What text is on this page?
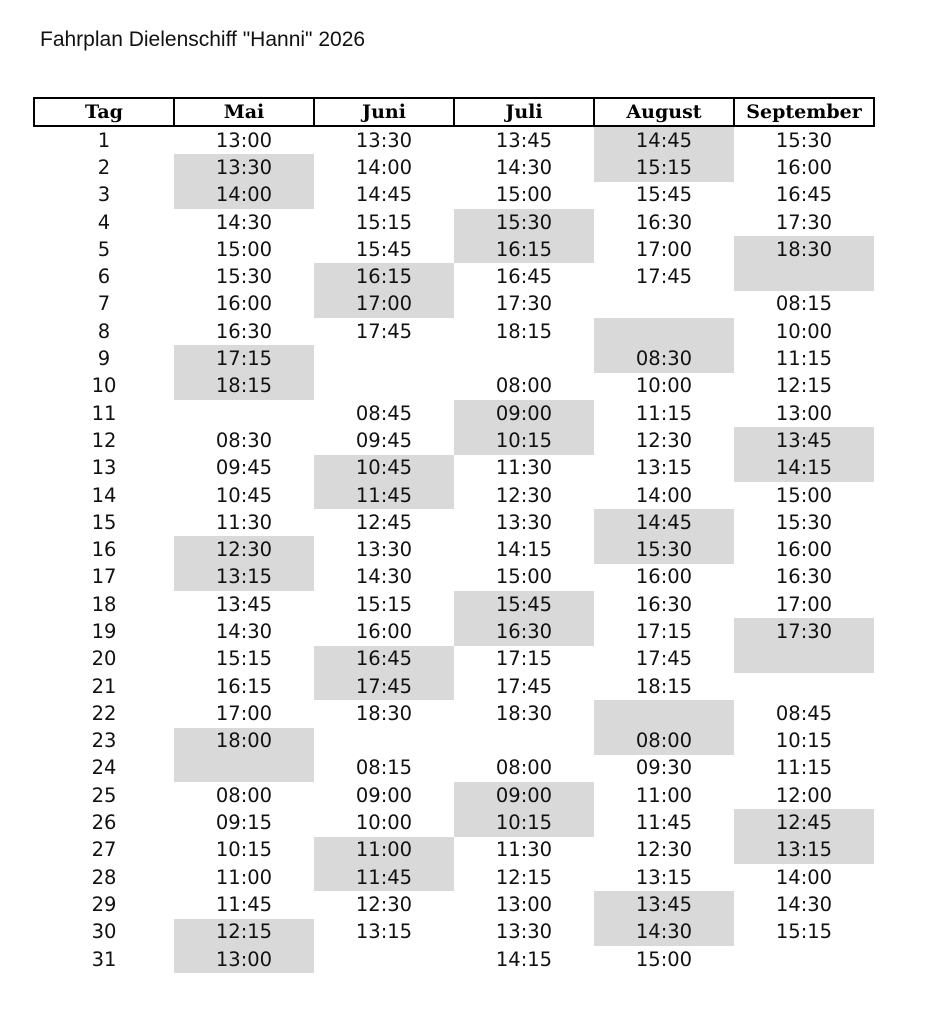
Fahrplan Dielenschiff "Hanni" 2026
Tag	Mai	Juni	Juli	August	September
1	13:00	13:30	13:45	14:45	15:30
2	13:30	14:00	14:30	15:15	16:00
3	14:00	14:45	15:00	15:45	16:45
4	14:30	15:15	15:30	16:30	17:30
5	15:00	15:45	16:15	17:00	18:30
6	15:30	16:15	16:45	17:45	
7	16:00	17:00	17:30		08:15
8	16:30	17:45	18:15		10:00
9	17:15			08:30	11:15
10	18:15		08:00	10:00	12:15
11		08:45	09:00	11:15	13:00
12	08:30	09:45	10:15	12:30	13:45
13	09:45	10:45	11:30	13:15	14:15
14	10:45	11:45	12:30	14:00	15:00
15	11:30	12:45	13:30	14:45	15:30
16	12:30	13:30	14:15	15:30	16:00
17	13:15	14:30	15:00	16:00	16:30
18	13:45	15:15	15:45	16:30	17:00
19	14:30	16:00	16:30	17:15	17:30
20	15:15	16:45	17:15	17:45	
21	16:15	17:45	17:45	18:15	
22	17:00	18:30	18:30		08:45
23	18:00			08:00	10:15
24		08:15	08:00	09:30	11:15
25	08:00	09:00	09:00	11:00	12:00
26	09:15	10:00	10:15	11:45	12:45
27	10:15	11:00	11:30	12:30	13:15
28	11:00	11:45	12:15	13:15	14:00
29	11:45	12:30	13:00	13:45	14:30
30	12:15	13:15	13:30	14:30	15:15
31	13:00		14:15	15:00	
